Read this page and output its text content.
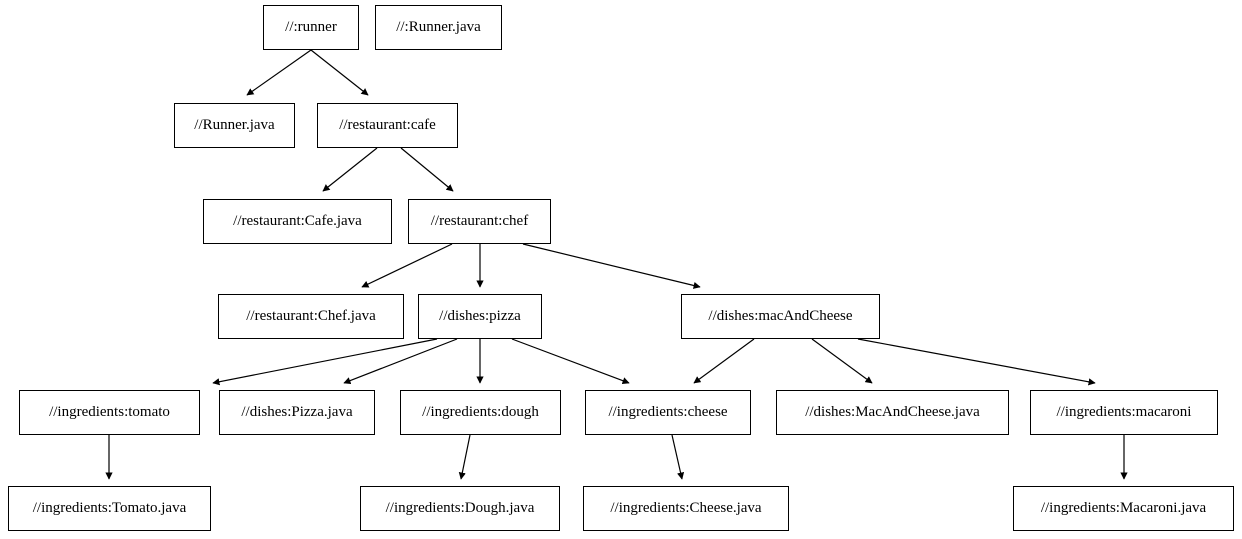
//:runner	//:Runner.java
//Runner.java	//restaurant:cafe
//restaurant:Cafe.java	//restaurant:chef
//restaurant:Chef.java	//dishes:pizza	//dishes:macAndCheese
//ingredients:tomato	//dishes:Pizza.java	//ingredients:dough	//ingredients:cheese	//dishes:MacAndCheese.java	//ingredients:macaroni
//ingredients:Tomato.java	//ingredients:Dough.java	//ingredients:Cheese.java	//ingredients:Macaroni.java
